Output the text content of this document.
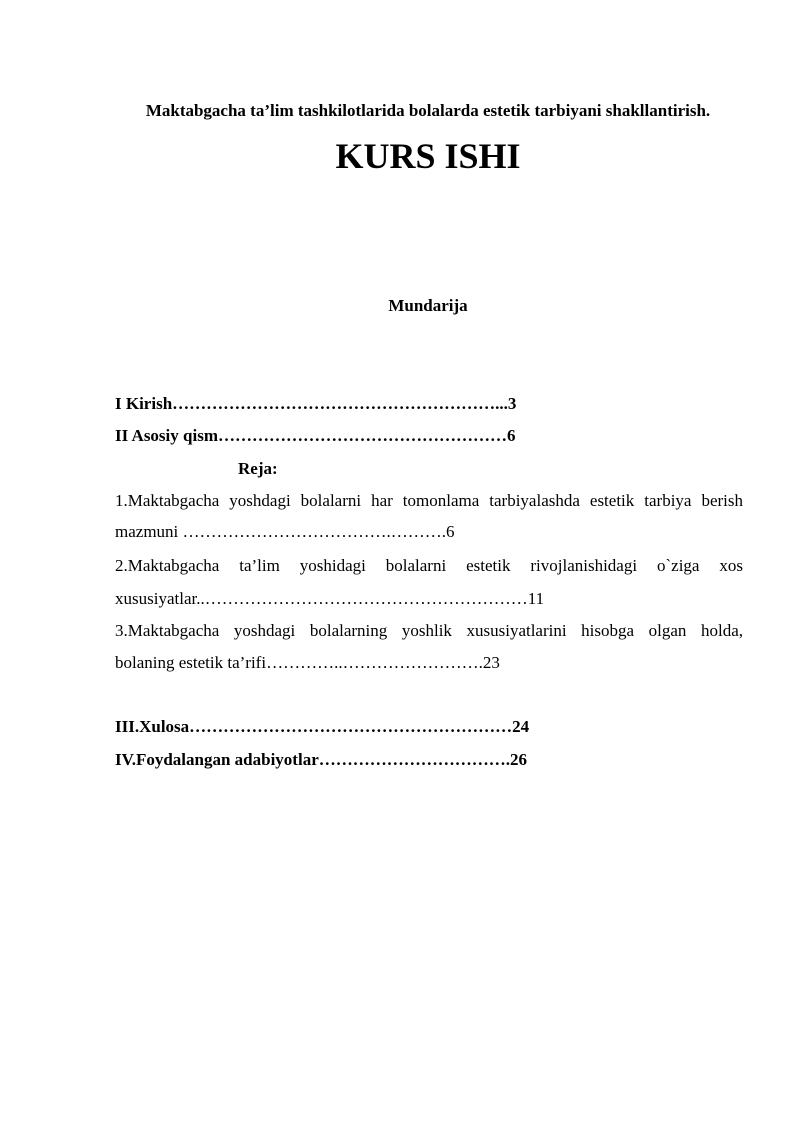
Maktabgacha ta’lim tashkilotlarida bolalarda estetik tarbiyani shakllantirish.
KURS ISHI
Mundarija
I Kirish…………………………………………………...3
II Asosiy qism……………………………………………6
Reja:
1.Maktabgacha yoshdagi bolalarni har tomonlama tarbiyalashda estetik tarbiya berish
mazmuni ……………………………….……….6
2.Maktabgacha ta’lim yoshidagi bolalarni estetik rivojlanishidagi o`ziga xos
xususiyatlar..…………………………………………………11
3.Maktabgacha yoshdagi bolalarning yoshlik xususiyatlarini hisobga olgan holda,
bolaning estetik ta’rifi…………..…………………….23
III.Xulosa…………………………………………………24
IV.Foydalangan adabiyotlar…………………………….26
